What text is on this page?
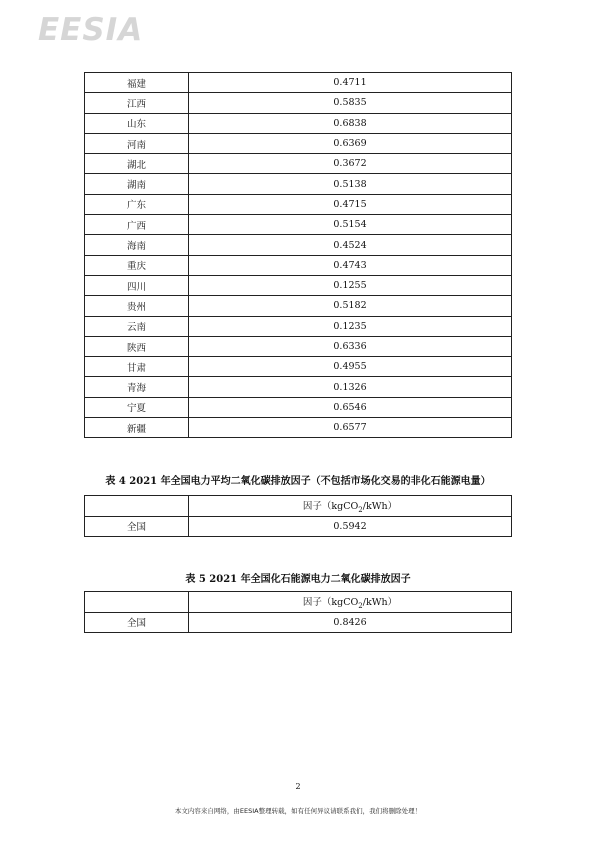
EESIA
福建	0.4711
江西	0.5835
山东	0.6838
河南	0.6369
湖北	0.3672
湖南	0.5138
广东	0.4715
广西	0.5154
海南	0.4524
重庆	0.4743
四川	0.1255
贵州	0.5182
云南	0.1235
陕西	0.6336
甘肃	0.4955
青海	0.1326
宁夏	0.6546
新疆	0.6577
表 4 2021 年全国电力平均二氧化碳排放因子（不包括市场化交易的非化石能源电量）
	因子（kgCO$_2$/kWh）
全国	0.5942
表 5 2021 年全国化石能源电力二氧化碳排放因子
	因子（kgCO$_2$/kWh）
全国	0.8426
2
本文内容来自网络，由EESIA整理转载，如有任何异议请联系我们，我们将删除处理！
